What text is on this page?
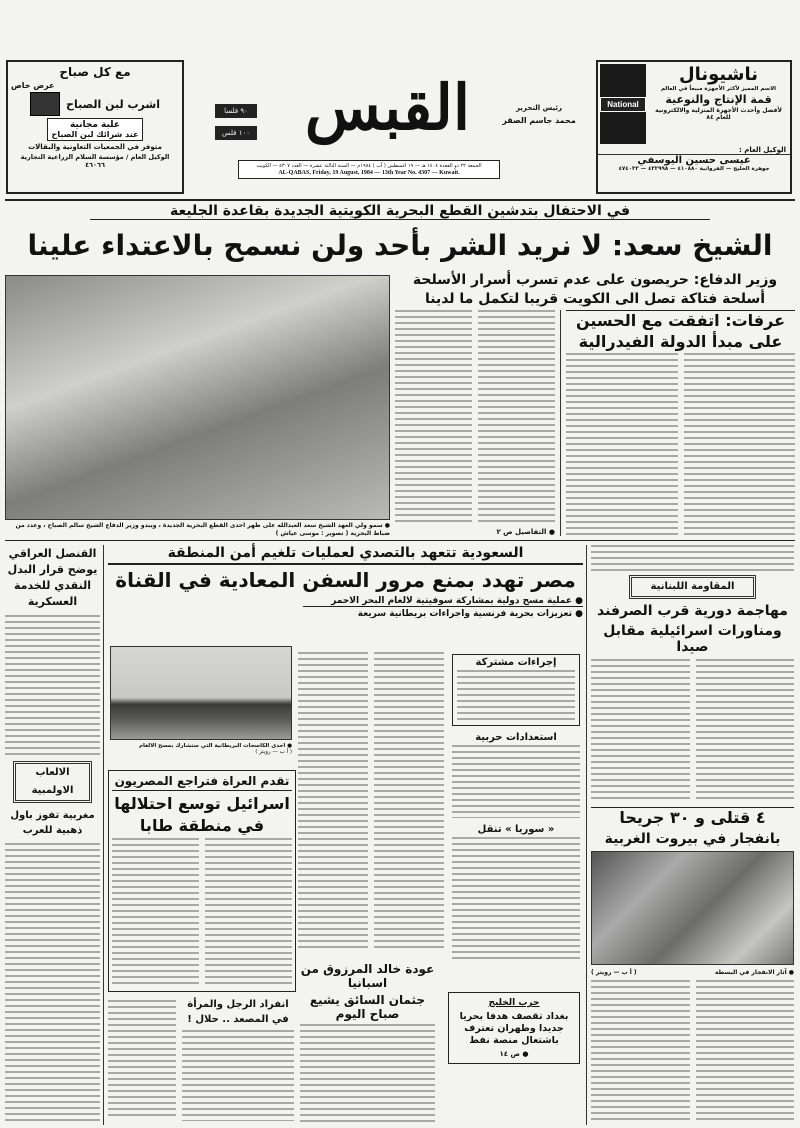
مع كل صباح
عرض خاص
اشرب لبن الصباح
علبة مجانية
عند شرائك لبن الصباح
متوفر في الجمعيات التعاونية والبقالات
الوكيل العام / مؤسسة السلام الزراعية التجارية ٤٦٠٦٦
٩٠ فلسا
١٠٠ فلس القبس	رئيس التحرير
محمد جاسم الصقر
الجمعة ٢٢ ذو القعدة ١٤٠٤ هـ — ١٩ اغسطس ( آب ) ١٩٨٤م — السنة الثالثة عشرة — العدد ٤٣٠٧ — الكويت
AL-QABAS, Friday, 19 August, 1984 — 13th Year No. 4307 — Kuwait.
National
ناشيونال
الاسم المميز لأكثر الأجهزة مبيعاً في العالم
قمة الإنتاج والنوعية
لأفضل وأحدث الأجهزة المنزلية والالكترونية للعام ٨٤
الوكيل العام :
عيسى حسين اليوسفي
جوهرة الخليج — الفروانية ٤١٠٨٨٠ — ٤٣٢٩٩٨ — ٤٧٤٠٣٣
في الاحتفال بتدشين القطع البحرية الكويتية الجديدة بقاعدة الجليعة
الشيخ سعد: لا نريد الشر بأحد ولن نسمح بالاعتداء علينا
وزير الدفاع: حريصون على عدم تسرب أسرار الأسلحة
أسلحة فتاكة تصل الى الكويت قريبا لتكمل ما لدينا
● التفاصيل ص ٢
عرفات: اتفقت مع الحسين
على مبدأ الدولة الفيدرالية
● سمو ولي العهد الشيخ سعد العبدالله على ظهر احدى القطع البحرية الجديدة ، ويبدو وزير الدفاع الشيخ سالم الصباح ، وعدد من ضباط البحرية ( تصوير : موسى عياش )
القنصل العراقي يوضح قرار البدل النقدي للخدمة العسكرية
الالعاب الاولمبية
مغربية تفوز باول ذهبية للعرب
السعودية تتعهد بالتصدي لعمليات تلغيم أمن المنطقة
مصر تهدد بمنع مرور السفن المعادية في القناة
● عملية مسح دولية بمشاركة سوفيتية لالغام البحر الاحمر
● تعزيزات بحرية فرنسية واجراءات بريطانية سريعة
● احدى الكاسحات البريطانية التي ستشارك بمسح الالغام
( أ ب — رويتر )
إجراءات مشتركة
استعدادات حربية
« سوريا » تنقل
تقدم العراة فتراجع المصريون
اسرائيل توسع احتلالها
في منطقة طابا
انفراد الرجل والمرأة في المصعد .. حلال !
عودة خالد المرزوق من اسبانيا
جثمان السائق يشيع صباح اليوم
حرب الخليج
بغداد تقصف هدفا بحريا جديدا وطهران تعترف باشتعال منصة نفط
● ص ١٤
المقاومة اللبنانية
مهاجمة دورية قرب الصرفند
ومناورات اسرائيلية مقابل صيدا
٤ قتلى و ٣٠ جريحا
بانفجار في بيروت الغربية
● آثار الانفجار في البسطة
( أ ب — رويتر )
